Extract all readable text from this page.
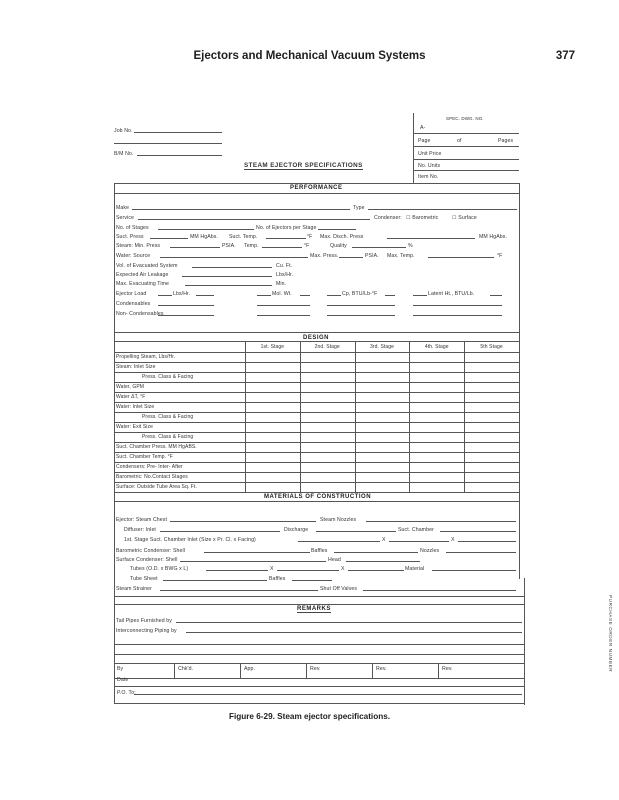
Ejectors and Mechanical Vacuum Systems	377
Job No.
B/M No.
SPEC. DWG. NO.
A-
Page	of	Pages
Unit Price
No. Units
Item No.
STEAM EJECTOR SPECIFICATIONS
PERFORMANCE
Make	Type
Service	Condenser: ☐ Barometric	☐ Surface
No. of Stages	No. of Ejectors per Stage
Suct. Press	MM HgAbs. Suct. Temp.	°F Max. Disch. Press	MM HgAbs.
Steam: Min. Press	PSIA. Temp.	°F	Quality	%
Water: Source	Max. Press.	PSIA. Max. Temp.	°F
Vol. of Evacuated System	Cu. Ft.
Expected Air Leakage	Lbs/Hr.
Max. Evacuating Time	Min.
Ejector Load	Lbs/Hr.	Mol. Wt.	Cp, BTU/Lb-°F	Latent Ht., BTU/Lb.
Condensables
Non- Condensables
DESIGN
1st. Stage	2nd. Stage	3rd. Stage	4th. Stage	5th Stage
Propelling Steam, Lbs/Hr.
Steam: Inlet Size
Press. Class & Facing
Water, GPM
Water ΔT, °F
Water: Inlet Size
Press. Class & Facing
Water: Exit Size
Press. Class & Facing
Suct. Chamber Press. MM HgABS.
Suct. Chamber Temp. °F
Condensers: Pre- Inter- After
Barometric: No.Contact Stages
Surface: Outside Tube Area Sq. Ft.
MATERIALS OF CONSTRUCTION
Ejector: Steam Chest	Steam Nozzles
Diffuser: Inlet	Discharge	Suct. Chamber
1st. Stage Suct. Chamber Inlet (Size x Pr. Cl. x Facing)	X	X
Barometric Condenser: Shell	Baffles	Nozzles
Surface Condenser: Shell	Head
Tubes (O.D. x BWG x L)	X	X	Material
Tube Sheet	Baffles
Steam Strainer	Shut Off Valves
REMARKS
Tail Pipes Furnished by
Interconnecting Piping by
By	Chk'd.	App.	Rev.	Rev.	Rev.
Date
P.O. To:
PURCHASE ORDER NUMBER
Figure 6-29. Steam ejector specifications.
